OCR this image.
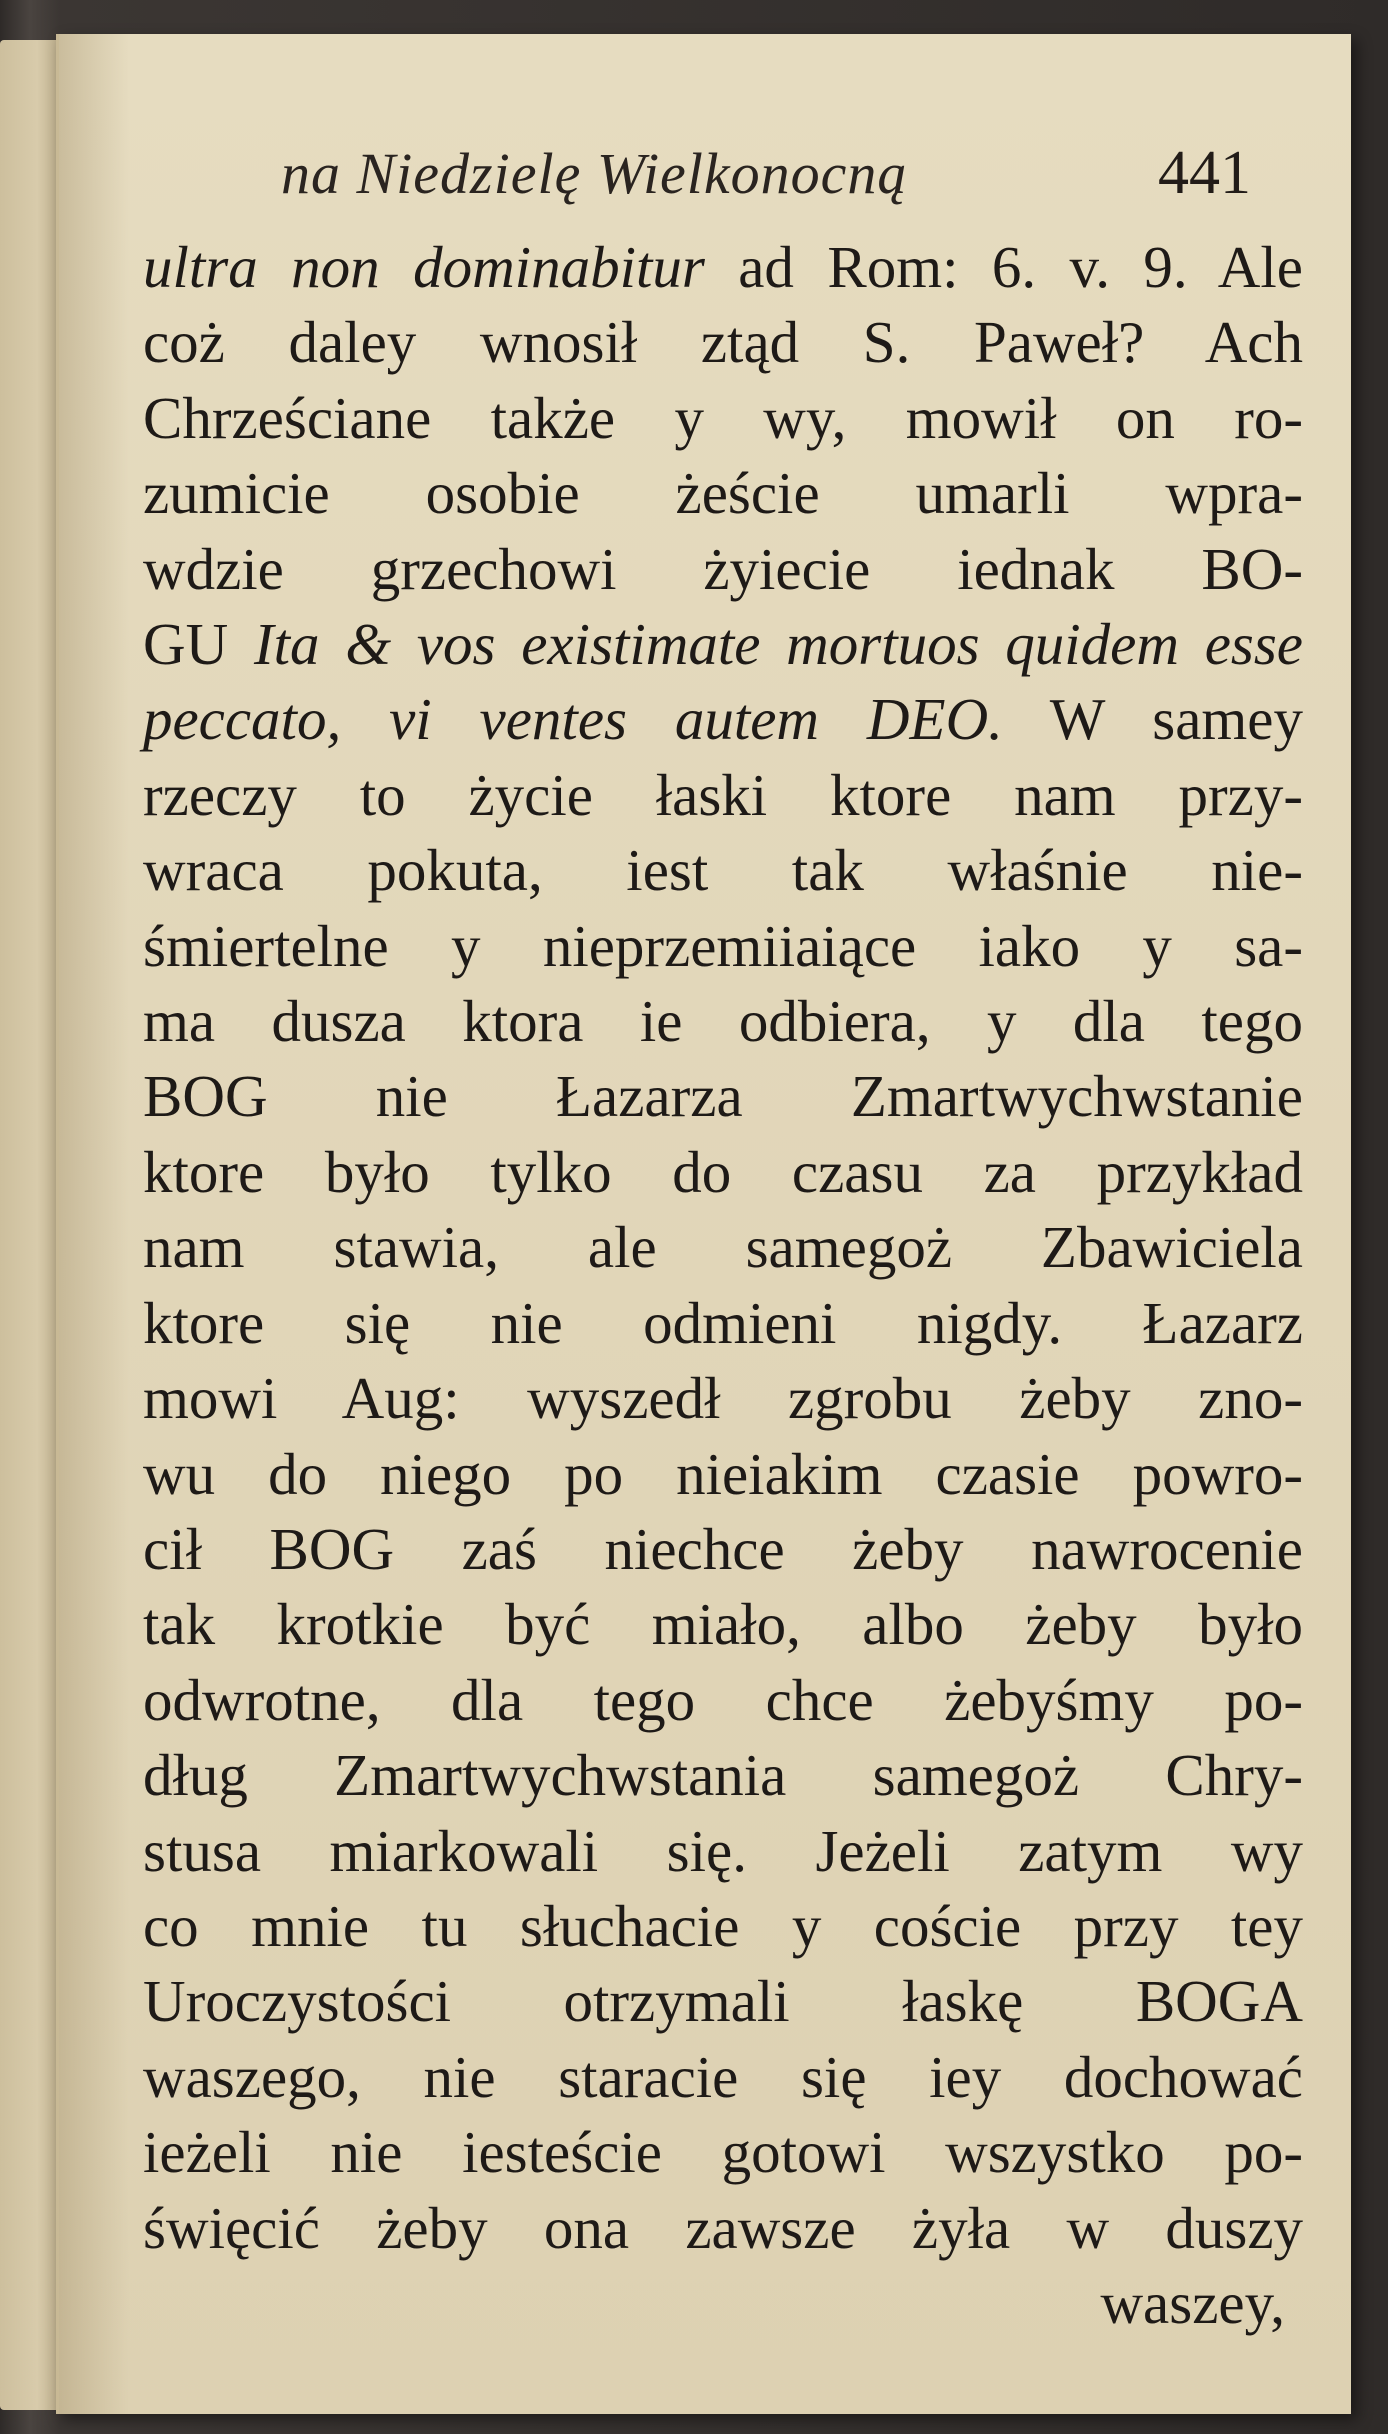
na Niedzielę Wielkonocną	441
ultra non dominabitur ad Rom: 6. v. 9. Ale
coż daley wnosił ztąd S. Paweł? Ach
Chrześciane także y wy, mowił on ro-
zumicie osobie żeście umarli wpra-
wdzie grzechowi żyiecie iednak BO-
GU Ita & vos existimate mortuos quidem esse
peccato, vi ventes autem DEO. W samey
rzeczy to życie łaski ktore nam przy-
wraca pokuta, iest tak właśnie nie-
śmiertelne y nieprzemiiaiące iako y sa-
ma dusza ktora ie odbiera, y dla tego
BOG nie Łazarza Zmartwychwstanie
ktore było tylko do czasu za przykład
nam stawia, ale samegoż Zbawiciela
ktore się nie odmieni nigdy. Łazarz
mowi Aug: wyszedł zgrobu żeby zno-
wu do niego po nieiakim czasie powro-
cił BOG zaś niechce żeby nawrocenie
tak krotkie być miało, albo żeby było
odwrotne, dla tego chce żebyśmy po-
dług Zmartwychwstania samegoż Chry-
stusa miarkowali się. Jeżeli zatym wy
co mnie tu słuchacie y coście przy tey
Uroczystości otrzymali łaskę BOGA
waszego, nie staracie się iey dochować
ieżeli nie iesteście gotowi wszystko po-
święcić żeby ona zawsze żyła w duszy
waszey,
